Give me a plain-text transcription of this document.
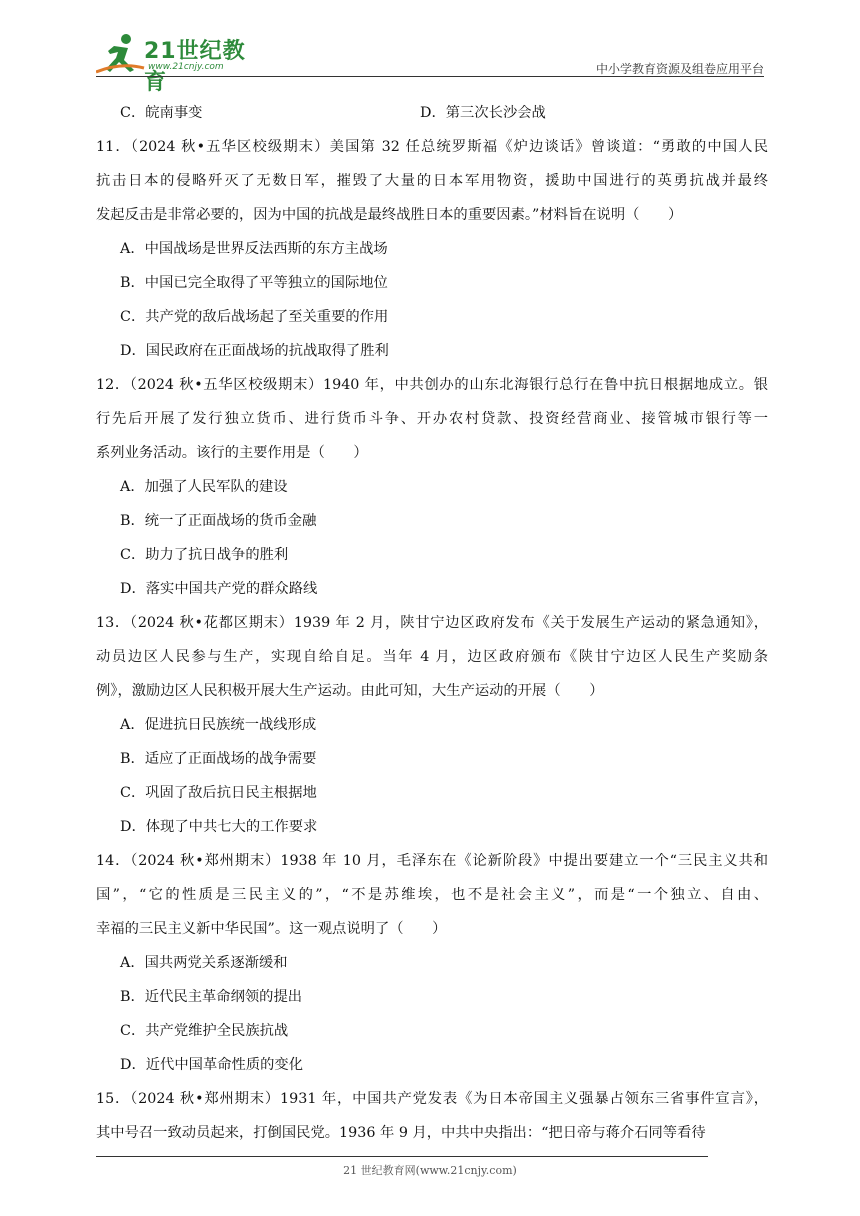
21世纪教育
www.21cnjy.com	中小学教育资源及组卷应用平台
C．皖南事变	D．第三次长沙会战
11．（2024 秋•五华区校级期末）美国第 32 任总统罗斯福《炉边谈话》曾谈道：“勇敢的中国人民
抗击日本的侵略歼灭了无数日军，摧毁了大量的日本军用物资，援助中国进行的英勇抗战并最终
发起反击是非常必要的，因为中国的抗战是最终战胜日本的重要因素。”材料旨在说明（　　）
A．中国战场是世界反法西斯的东方主战场
B．中国已完全取得了平等独立的国际地位
C．共产党的敌后战场起了至关重要的作用
D．国民政府在正面战场的抗战取得了胜利
12．（2024 秋•五华区校级期末）1940 年，中共创办的山东北海银行总行在鲁中抗日根据地成立。银
行先后开展了发行独立货币、进行货币斗争、开办农村贷款、投资经营商业、接管城市银行等一
系列业务活动。该行的主要作用是（　　）
A．加强了人民军队的建设
B．统一了正面战场的货币金融
C．助力了抗日战争的胜利
D．落实中国共产党的群众路线
13．（2024 秋•花都区期末）1939 年 2 月，陕甘宁边区政府发布《关于发展生产运动的紧急通知》，
动员边区人民参与生产，实现自给自足。当年 4 月，边区政府颁布《陕甘宁边区人民生产奖励条
例》，激励边区人民积极开展大生产运动。由此可知，大生产运动的开展（　　）
A．促进抗日民族统一战线形成
B．适应了正面战场的战争需要
C．巩固了敌后抗日民主根据地
D．体现了中共七大的工作要求
14．（2024 秋•郑州期末）1938 年 10 月，毛泽东在《论新阶段》中提出要建立一个“三民主义共和
国”，“它的性质是三民主义的”，“不是苏维埃，也不是社会主义”，而是“一个独立、自由、
幸福的三民主义新中华民国”。这一观点说明了（　　）
A．国共两党关系逐渐缓和
B．近代民主革命纲领的提出
C．共产党维护全民族抗战
D．近代中国革命性质的变化
15．（2024 秋•郑州期末）1931 年，中国共产党发表《为日本帝国主义强暴占领东三省事件宣言》，
其中号召一致动员起来，打倒国民党。1936 年 9 月，中共中央指出：“把日帝与蒋介石同等看待
21 世纪教育网(www.21cnjy.com)
